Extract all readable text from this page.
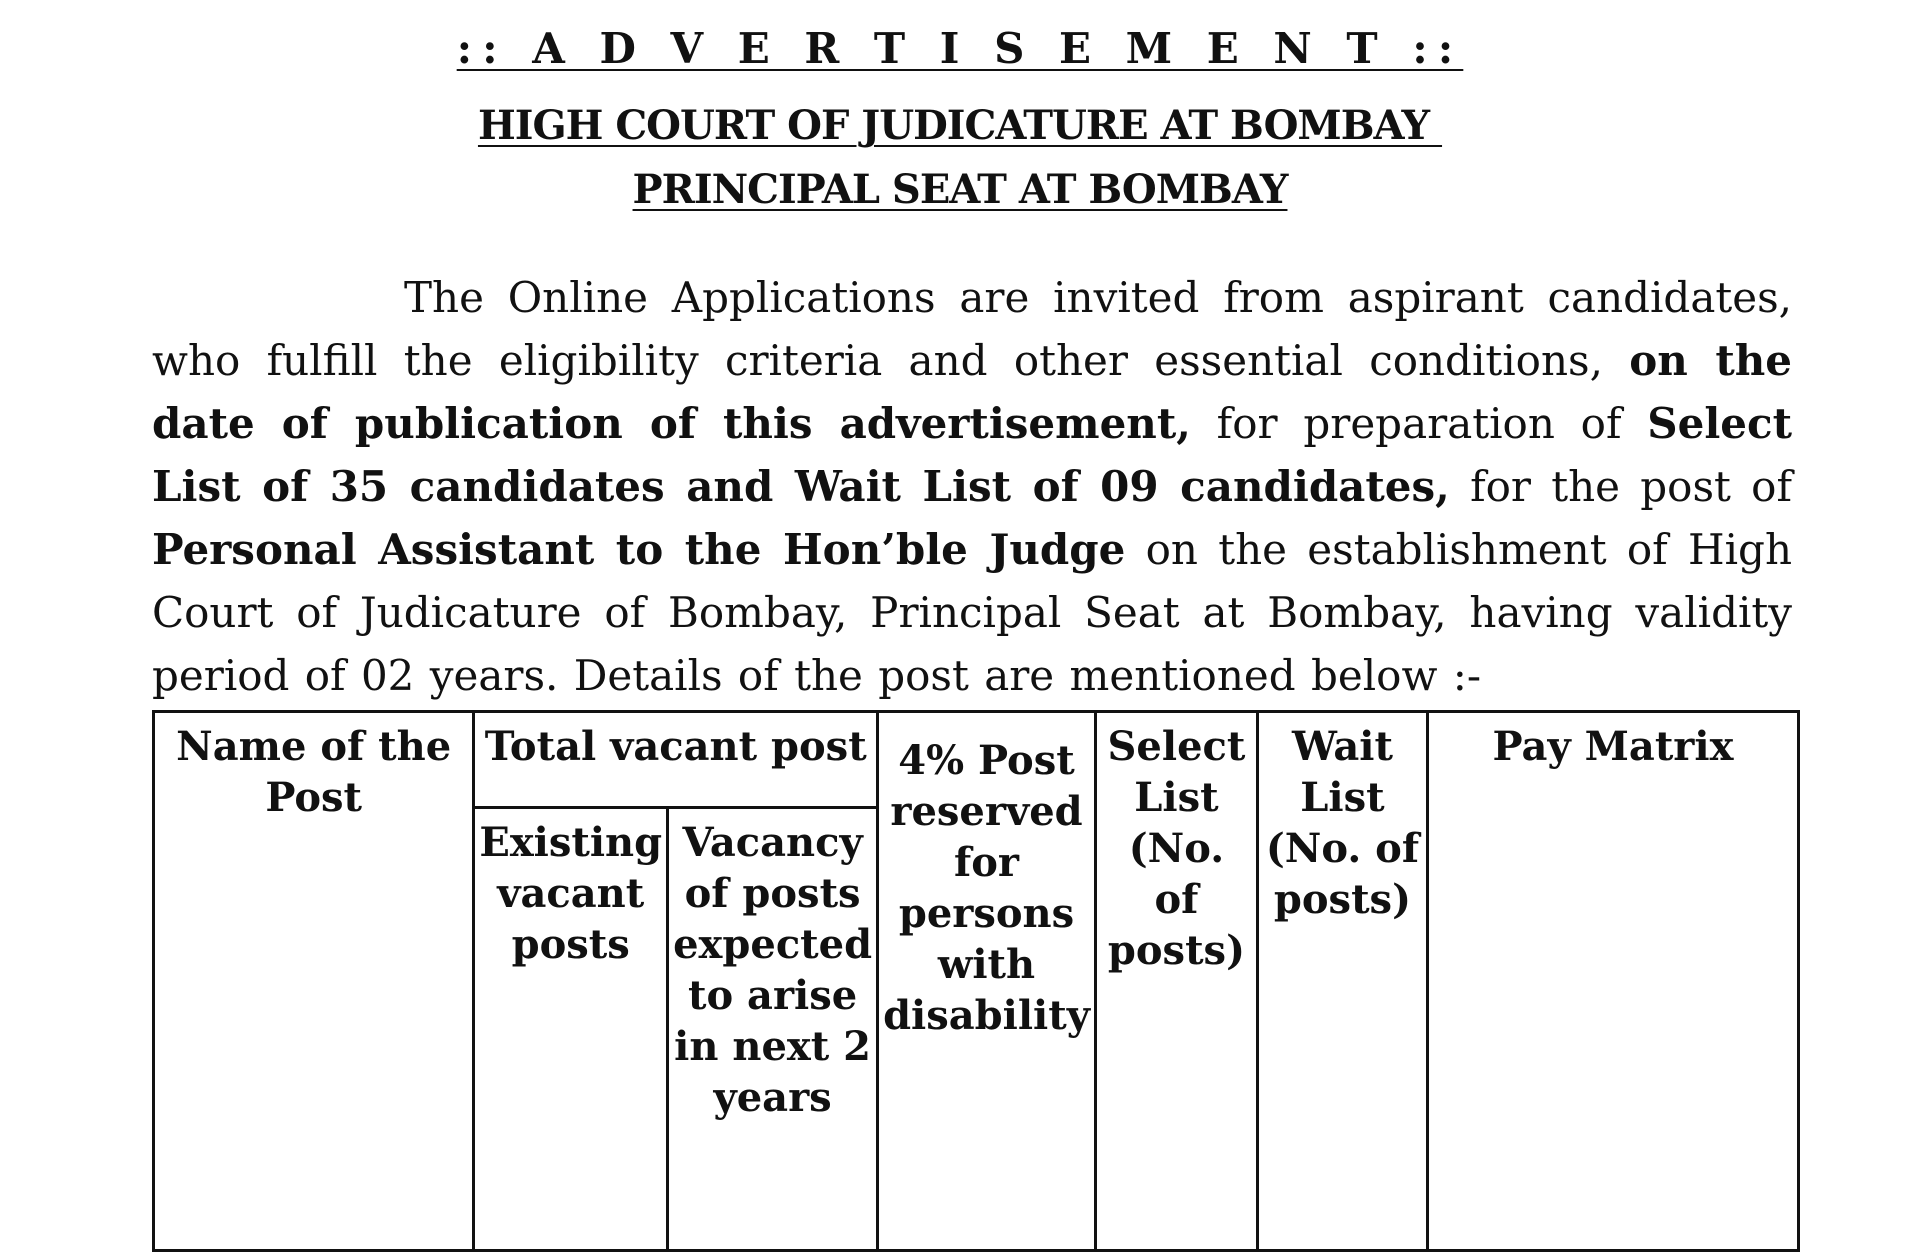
:: A D V E R T I S E M E N T ::
HIGH COURT OF JUDICATURE AT BOMBAY
PRINCIPAL SEAT AT BOMBAY
The Online Applications are invited from aspirant candidates, who fulfill the eligibility criteria and other essential conditions, on the date of publication of this advertisement, for preparation of Select List of 35 candidates and Wait List of 09 candidates, for the post of Personal Assistant to the Hon’ble Judge on the establishment of High Court of Judicature of Bombay, Principal Seat at Bombay, having validity period of 02 years. Details of the post are mentioned below :-
Name of the Post	Total vacant post		4% Post reserved for persons with disability	Select List (No. of posts)	Wait List (No. of posts)	Pay Matrix
	Existing vacant posts	Vacancy of posts expected to arise in next 2 years				
